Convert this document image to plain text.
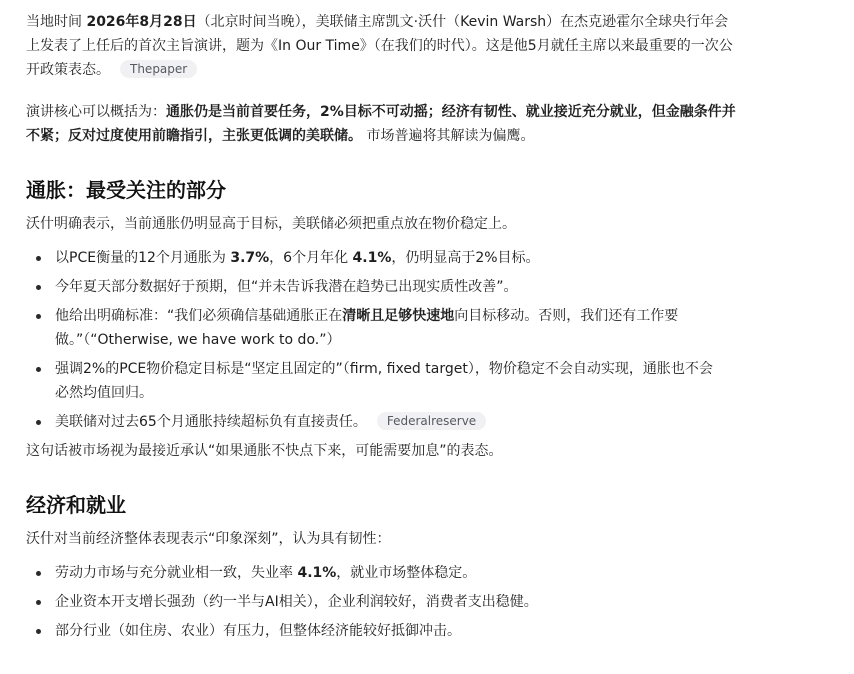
当地时间 2026年8月28日（北京时间当晚），美联储主席凯文·沃什（Kevin Warsh）在杰克逊霍尔全球央行年会上发表了上任后的首次主旨演讲，题为《In Our Time》（在我们的时代）。这是他5月就任主席以来最重要的一次公开政策表态。 Thepaper

演讲核心可以概括为：通胀仍是当前首要任务，2%目标不可动摇；经济有韧性、就业接近充分就业，但金融条件并不紧；反对过度使用前瞻指引，主张更低调的美联储。 市场普遍将其解读为偏鹰。

通胀：最受关注的部分

沃什明确表示，当前通胀仍明显高于目标，美联储必须把重点放在物价稳定上。

以PCE衡量的12个月通胀为 3.7%，6个月年化 4.1%，仍明显高于2%目标。
今年夏天部分数据好于预期，但“并未告诉我潜在趋势已出现实质性改善”。
他给出明确标准：“我们必须确信基础通胀正在清晰且足够快速地向目标移动。否则，我们还有工作要做。”（“Otherwise, we have work to do.”）
强调2%的PCE物价稳定目标是“坚定且固定的”（firm, fixed target），物价稳定不会自动实现，通胀也不会必然均值回归。
美联储对过去65个月通胀持续超标负有直接责任。 Federalreserve

这句话被市场视为最接近承认“如果通胀不快点下来，可能需要加息”的表态。

经济和就业

沃什对当前经济整体表现表示“印象深刻”，认为具有韧性：

劳动力市场与充分就业相一致，失业率 4.1%，就业市场整体稳定。
企业资本开支增长强劲（约一半与AI相关），企业利润较好，消费者支出稳健。
部分行业（如住房、农业）有压力，但整体经济能较好抵御冲击。
